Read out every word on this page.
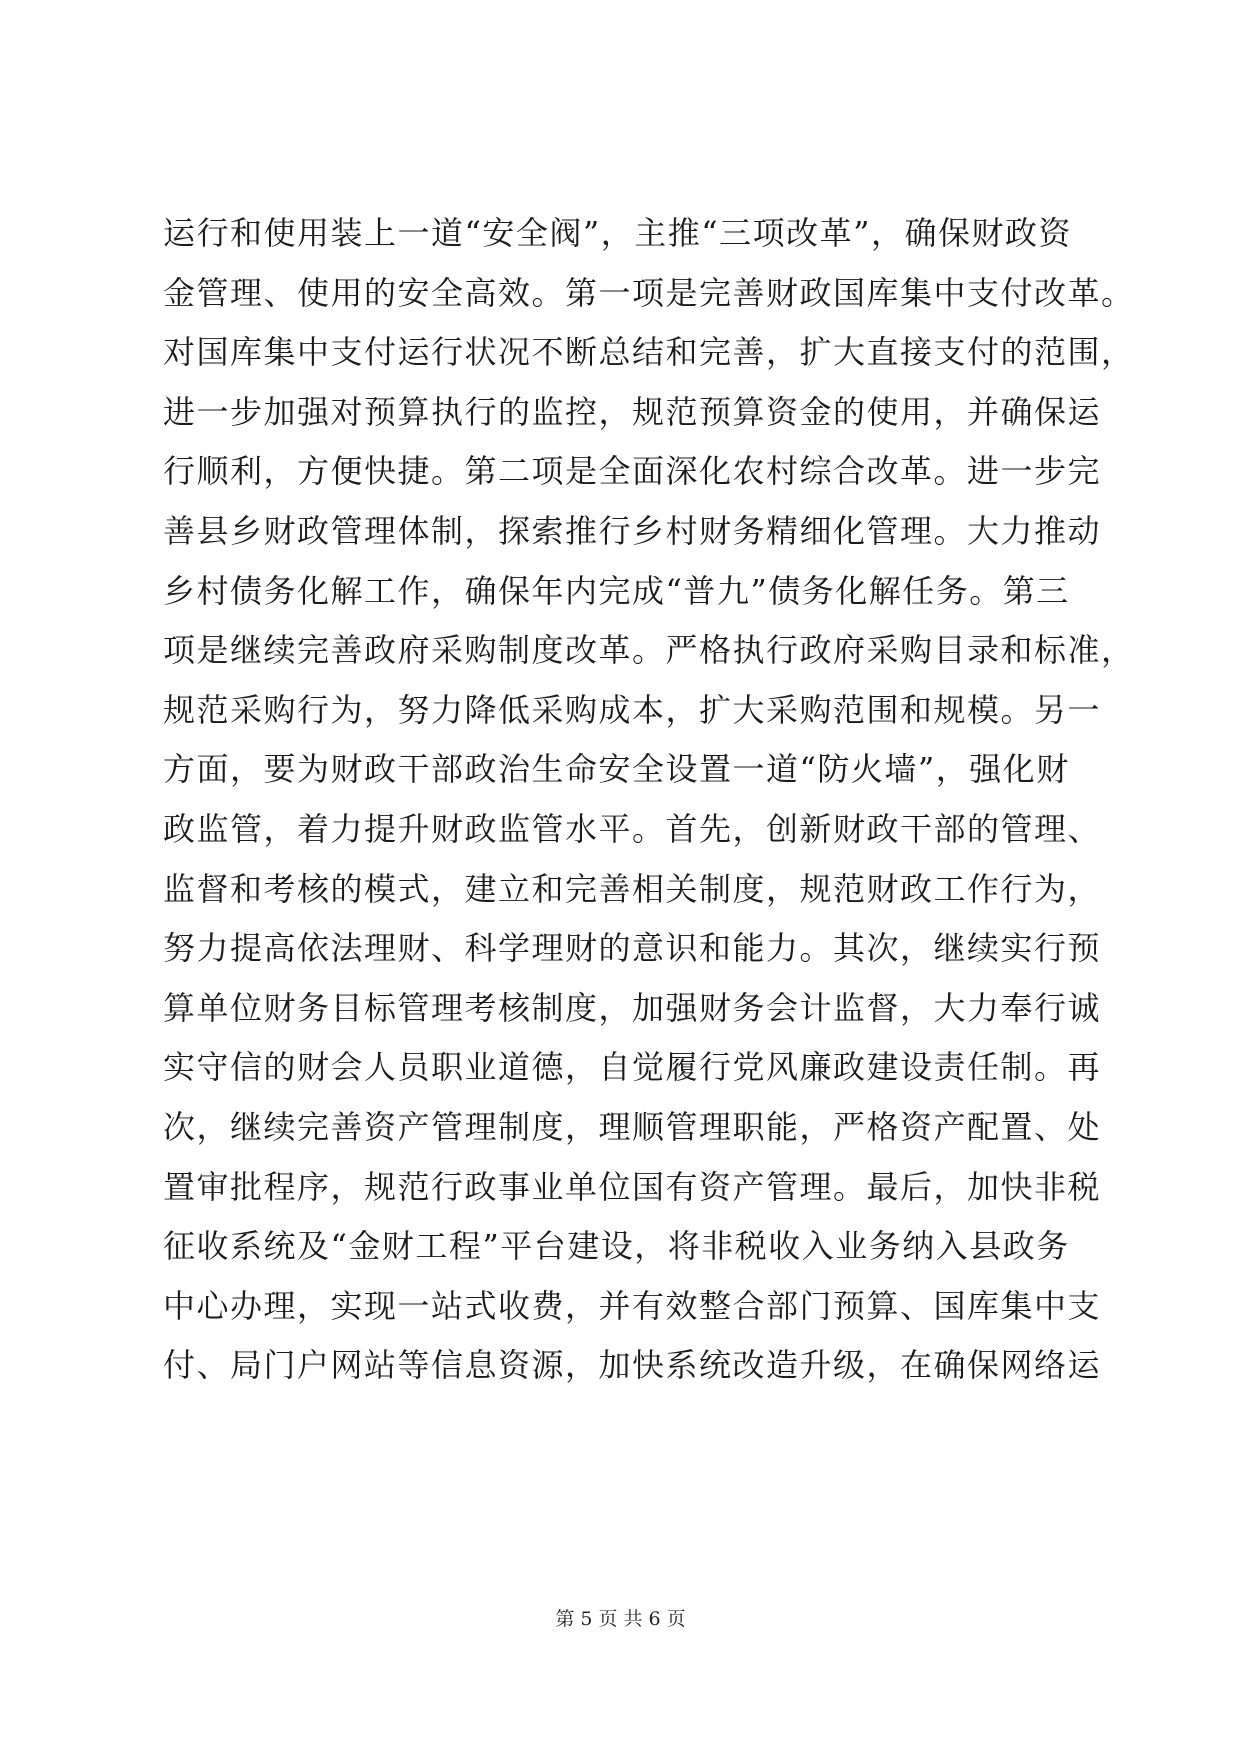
运行和使用装上一道“安全阀”，主推“三项改革”，确保财政资
金管理、使用的安全高效。第一项是完善财政国库集中支付改革。
对国库集中支付运行状况不断总结和完善，扩大直接支付的范围，
进一步加强对预算执行的监控，规范预算资金的使用，并确保运
行顺利，方便快捷。第二项是全面深化农村综合改革。进一步完
善县乡财政管理体制，探索推行乡村财务精细化管理。大力推动
乡村债务化解工作，确保年内完成“普九”债务化解任务。第三
项是继续完善政府采购制度改革。严格执行政府采购目录和标准，
规范采购行为，努力降低采购成本，扩大采购范围和规模。另一
方面，要为财政干部政治生命安全设置一道“防火墙”，强化财
政监管，着力提升财政监管水平。首先，创新财政干部的管理、
监督和考核的模式，建立和完善相关制度，规范财政工作行为，
努力提高依法理财、科学理财的意识和能力。其次，继续实行预
算单位财务目标管理考核制度，加强财务会计监督，大力奉行诚
实守信的财会人员职业道德，自觉履行党风廉政建设责任制。再
次，继续完善资产管理制度，理顺管理职能，严格资产配置、处
置审批程序，规范行政事业单位国有资产管理。最后，加快非税
征收系统及“金财工程”平台建设，将非税收入业务纳入县政务
中心办理，实现一站式收费，并有效整合部门预算、国库集中支
付、局门户网站等信息资源，加快系统改造升级，在确保网络运
第 5 页 共 6 页
